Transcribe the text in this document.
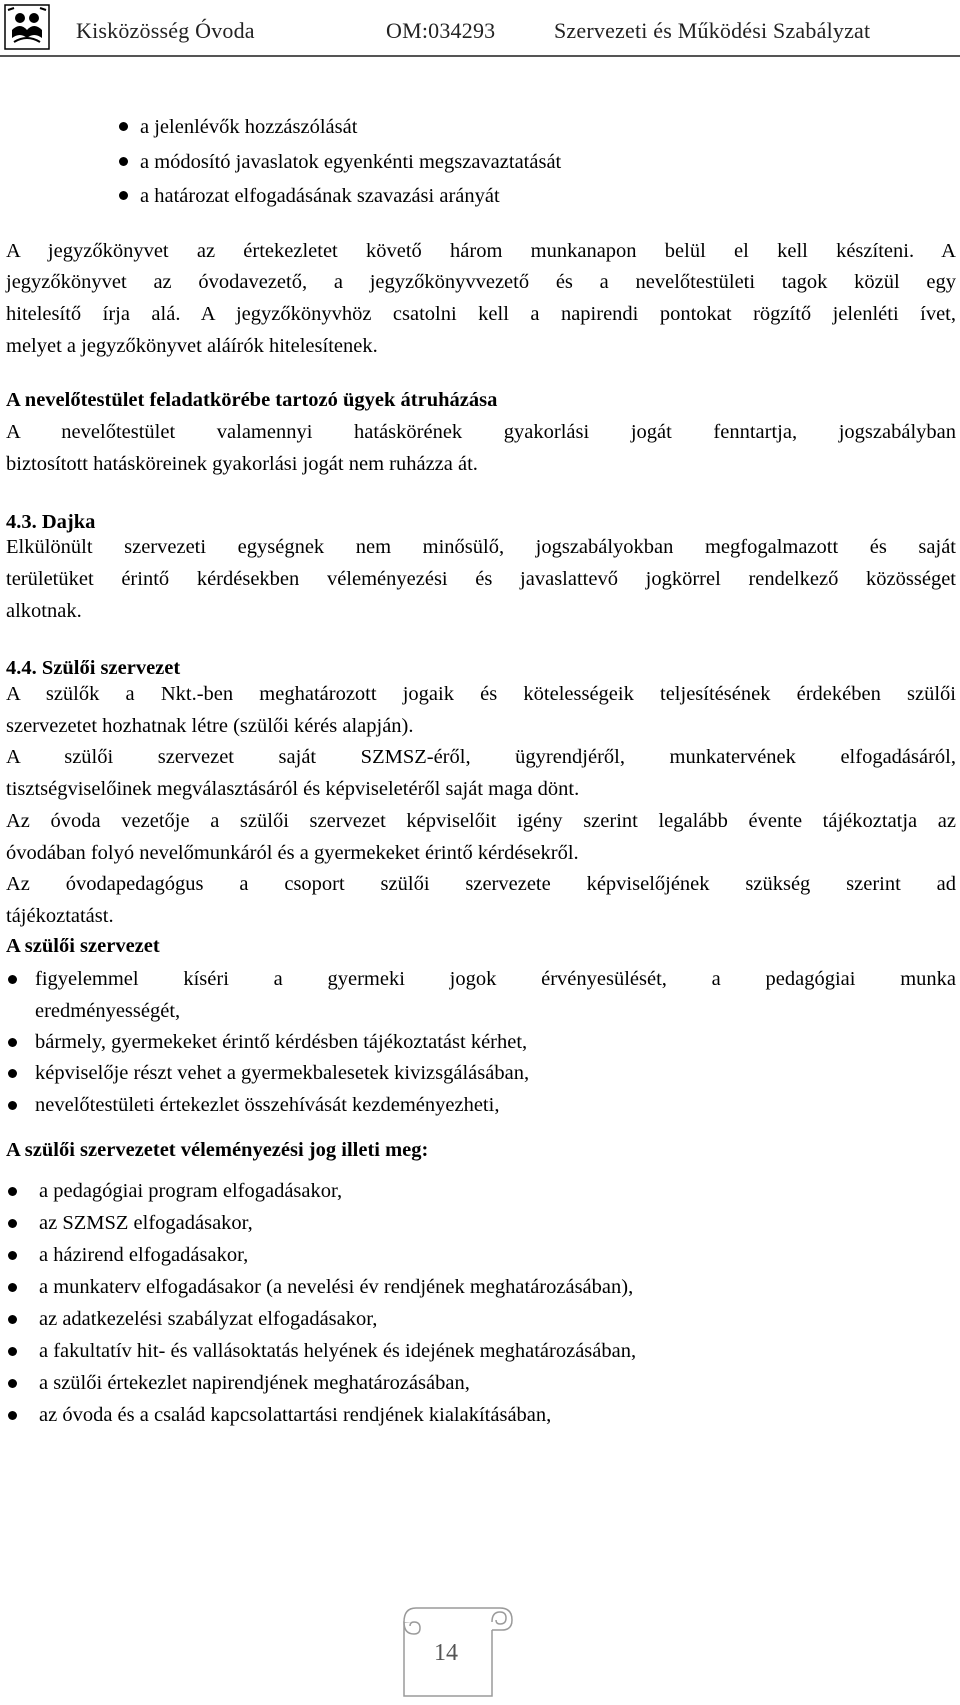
Kisközösség Óvoda	OM:034293	Szervezeti és Működési Szabályzat
a jelenlévők hozzászólását
a módosító javaslatok egyenkénti megszavaztatását
a határozat elfogadásának szavazási arányát
A jegyzőkönyvet az értekezletet követő három munkanapon belül el kell készíteni. A
jegyzőkönyvet az óvodavezető, a jegyzőkönyvvezető és a nevelőtestületi tagok közül egy
hitelesítő írja alá. A jegyzőkönyvhöz csatolni kell a napirendi pontokat rögzítő jelenléti ívet,
melyet a jegyzőkönyvet aláírók hitelesítenek.
A nevelőtestület feladatkörébe tartozó ügyek átruházása
A nevelőtestület valamennyi hatáskörének gyakorlási jogát fenntartja, jogszabályban
biztosított hatásköreinek gyakorlási jogát nem ruházza át.
4.3. Dajka
Elkülönült szervezeti egységnek nem minősülő, jogszabályokban megfogalmazott és saját
területüket érintő kérdésekben véleményezési és javaslattevő jogkörrel rendelkező közösséget
alkotnak.
4.4. Szülői szervezet
A szülők a Nkt.-ben meghatározott jogaik és kötelességeik teljesítésének érdekében szülői
szervezetet hozhatnak létre (szülői kérés alapján).
A szülői szervezet saját SZMSZ-éről, ügyrendjéről, munkatervének elfogadásáról,
tisztségviselőinek megválasztásáról és képviseletéről saját maga dönt.
Az óvoda vezetője a szülői szervezet képviselőit igény szerint legalább évente tájékoztatja az
óvodában folyó nevelőmunkáról és a gyermekeket érintő kérdésekről.
Az óvodapedagógus a csoport szülői szervezete képviselőjének szükség szerint ad
tájékoztatást.
A szülői szervezet
figyelemmel kíséri a gyermeki jogok érvényesülését, a pedagógiai munka
eredményességét,
bármely, gyermekeket érintő kérdésben tájékoztatást kérhet,
képviselője részt vehet a gyermekbalesetek kivizsgálásában,
nevelőtestületi értekezlet összehívását kezdeményezheti,
A szülői szervezetet véleményezési jog illeti meg:
a pedagógiai program elfogadásakor,
az SZMSZ elfogadásakor,
a házirend elfogadásakor,
a munkaterv elfogadásakor (a nevelési év rendjének meghatározásában),
az adatkezelési szabályzat elfogadásakor,
a fakultatív hit- és vallásoktatás helyének és idejének meghatározásában,
a szülői értekezlet napirendjének meghatározásában,
az óvoda és a család kapcsolattartási rendjének kialakításában,
14
